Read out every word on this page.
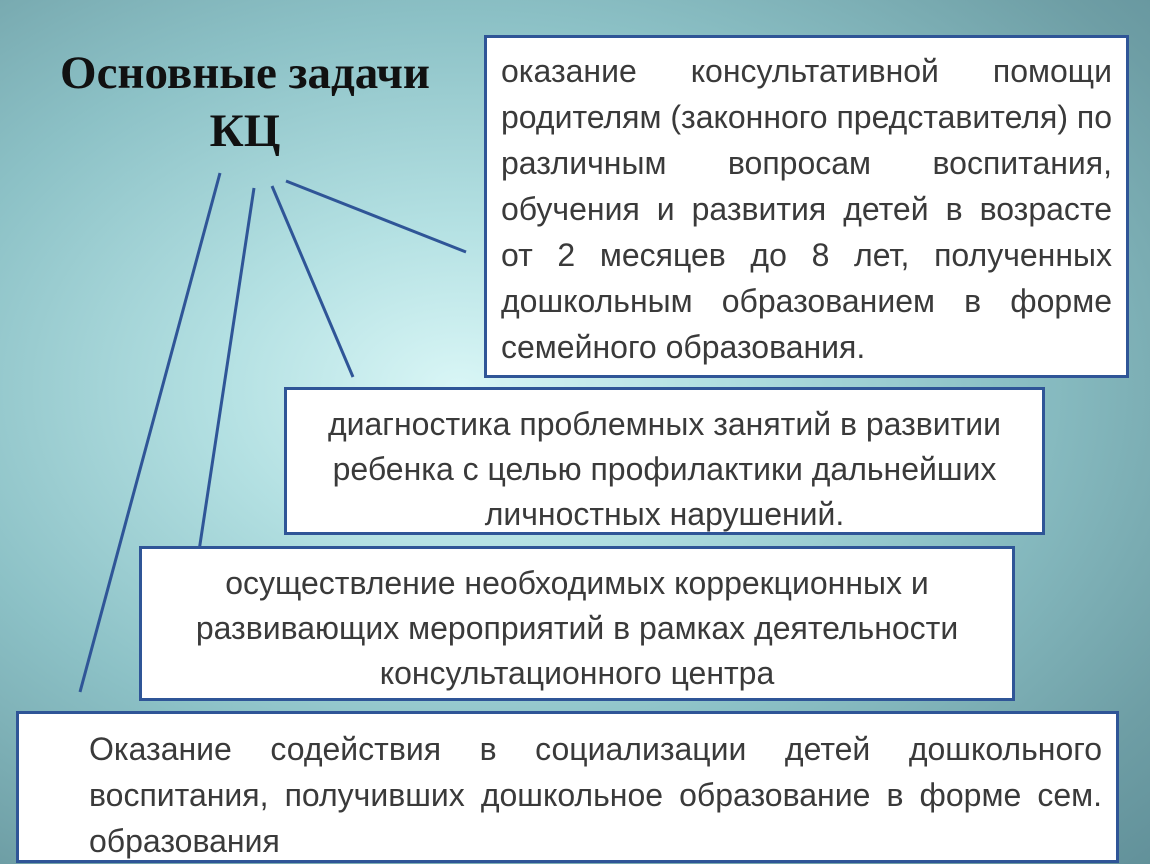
Основные задачи
КЦ

оказание консультативной помощи родителям (законного представителя) по различным вопросам воспитания, обучения и развития детей в возрасте от 2 месяцев до 8 лет, полученных дошкольным образованием в форме семейного образования.

диагностика проблемных занятий в развитии ребенка с целью профилактики дальнейших личностных нарушений.

осуществление необходимых коррекционных и развивающих мероприятий в рамках деятельности консультационного центра

Оказание содействия в социализации детей дошкольного воспитания, получивших дошкольное образование в форме сем. образования
